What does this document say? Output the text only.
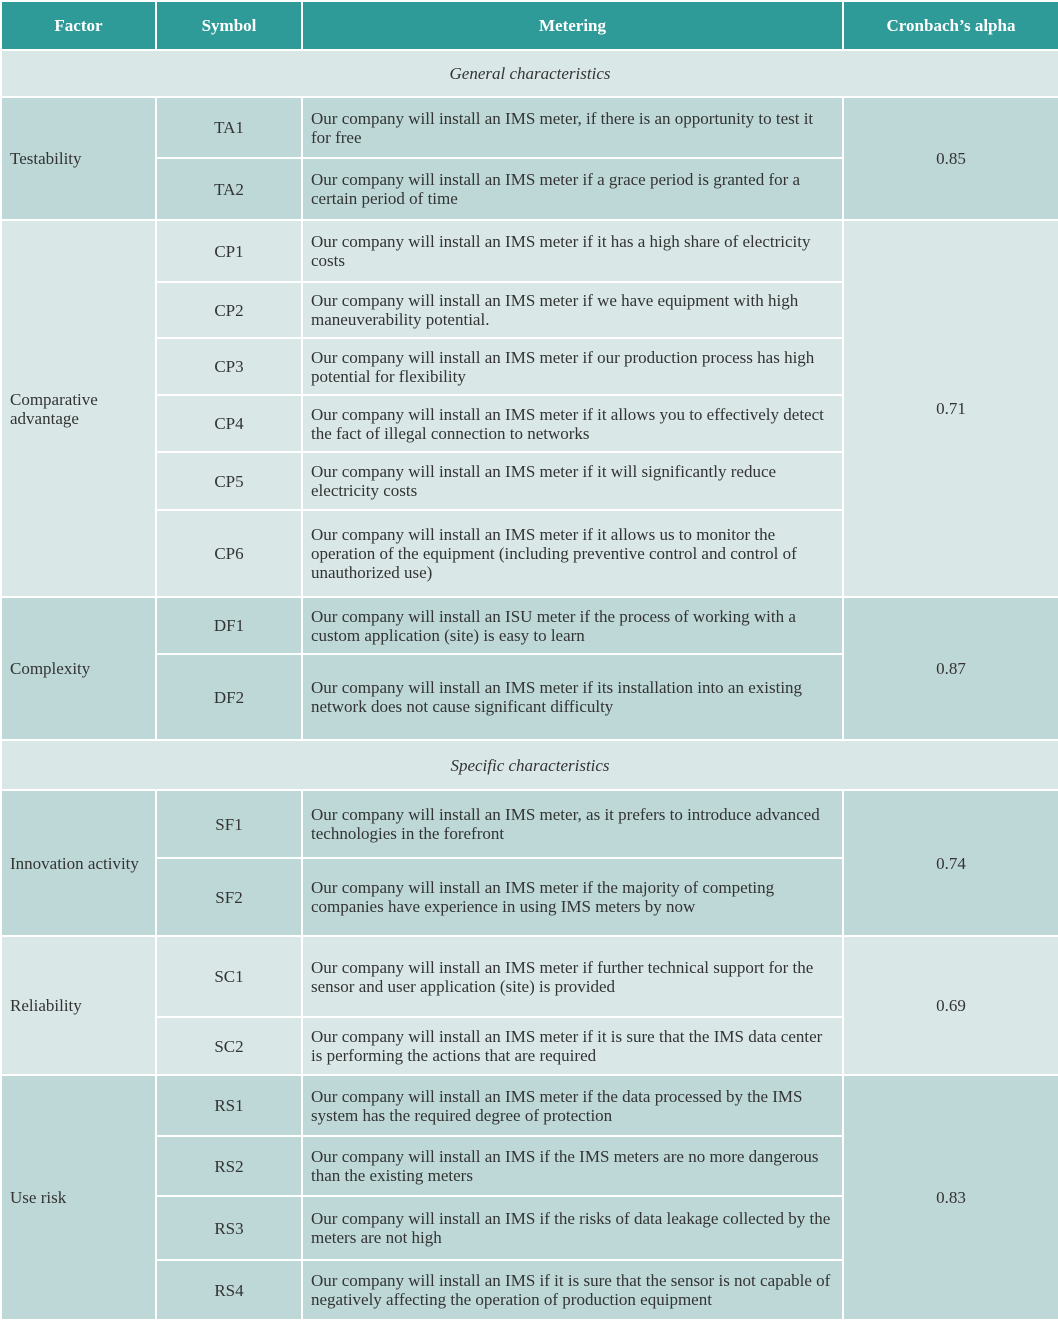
Factor	Symbol	Metering	Cronbach’s alpha
General characteristics			
Testability	TA1	Our company will install an IMS meter, if there is an opportunity to test it for free	0.85
	TA2	Our company will install an IMS meter if a grace period is granted for a certain period of time	
Comparative advantage	CP1	Our company will install an IMS meter if it has a high share of electricity costs	0.71
	CP2	Our company will install an IMS meter if we have equipment with high maneuverability potential.	
	CP3	Our company will install an IMS meter if our production process has high potential for flexibility	
	CP4	Our company will install an IMS meter if it allows you to effectively detect the fact of illegal connection to networks	
	CP5	Our company will install an IMS meter if it will significantly reduce electricity costs	
	CP6	Our company will install an IMS meter if it allows us to monitor the operation of the equipment (including preventive control and control of unauthorized use)	
Complexity	DF1	Our company will install an ISU meter if the process of working with a custom application (site) is easy to learn	0.87
	DF2	Our company will install an IMS meter if its installation into an existing network does not cause significant difficulty	
Specific characteristics			
Innovation activity	SF1	Our company will install an IMS meter, as it prefers to introduce advanced technologies in the forefront	0.74
	SF2	Our company will install an IMS meter if the majority of competing companies have experience in using IMS meters by now	
Reliability	SC1	Our company will install an IMS meter if further technical support for the sensor and user application (site) is provided	0.69
	SC2	Our company will install an IMS meter if it is sure that the IMS data center is performing the actions that are required	
Use risk	RS1	Our company will install an IMS meter if the data processed by the IMS system has the required degree of protection	0.83
	RS2	Our company will install an IMS if the IMS meters are no more dangerous than the existing meters	
	RS3	Our company will install an IMS if the risks of data leakage collected by the meters are not high	
	RS4	Our company will install an IMS if it is sure that the sensor is not capable of negatively affecting the operation of production equipment	
